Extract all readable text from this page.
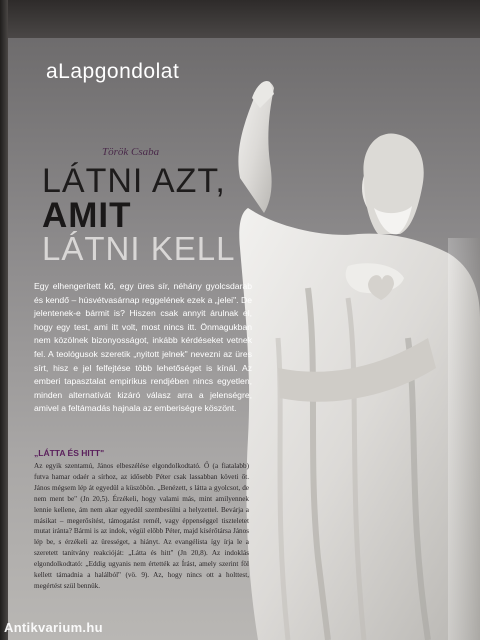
aLapgondolat
Török Csaba
LÁTNI AZT,
AMIT
LÁTNI KELL
Egy elhengerített kő, egy üres sír, néhány gyolcsdarab és kendő – húsvétvasárnap reggelének ezek a „jelei". De jelentenek-e bármit is? Hiszen csak annyit árulnak el, hogy egy test, ami itt volt, most nincs itt. Önmagukban nem közölnek bizonyosságot, inkább kérdéseket vetnek fel. A teológusok szeretik „nyitott jelnek" nevezni az üres sírt, hisz e jel felfejtése több lehetőséget is kínál. Az emberi tapasztalat empirikus rendjében nincs egyetlen, minden alternatívát kizáró válasz arra a jelenségre, amivel a feltámadás hajnala az emberiségre köszönt.
„LÁTTA ÉS HITT"
Az egyik szentamú, János elbeszélése elgondolkodtató. Ő (a fiatalabb) futva hamar odaér a sírhoz, az idősebb Péter csak lassabban követi őt. János mégsem lép át egyedül a küszöbön. „Benézett, s látta a gyolcsot, de nem ment be" (Jn 20,5). Érzékeli, hogy valami más, mint amilyennek lennie kellene, ám nem akar egyedül szembesülni a helyzettel. Bevárja a másikat – megerősítést, támogatást remél, vagy éppenséggel tiszteletet mutat iránta? Bármi is az indok, végül előbb Péter, majd kísérőtársa János lép be, s érzékeli az ürességet, a hiányt. Az evangélista így írja le a szeretett tanítvány reakcióját: „Látta és hitt" (Jn 20,8). Az indoklás elgondolkodtató: „Eddig ugyanis nem értették az Írást, amely szerint föl kellett támadnia a halálból" (vö. 9). Az, hogy nincs ott a holttest, megértést szül bennük.
Antikvarium.hu
